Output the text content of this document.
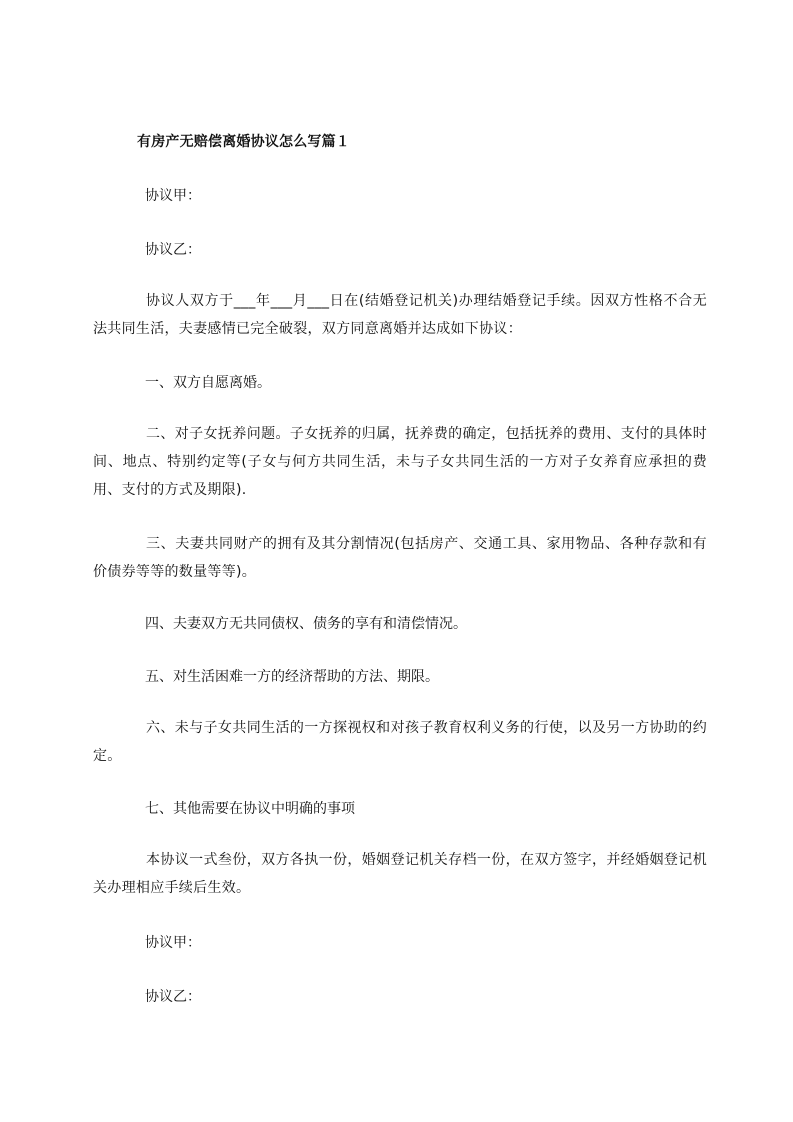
有房产无赔偿离婚协议怎么写篇１
协议甲：
协议乙：
协议人双方于___年___月___日在(结婚登记机关)办理结婚登记手续。因双方性格不合无法共同生活，夫妻感情已完全破裂，双方同意离婚并达成如下协议：
一、双方自愿离婚。
二、对子女抚养问题。子女抚养的归属，抚养费的确定，包括抚养的费用、支付的具体时间、地点、特别约定等(子女与何方共同生活，未与子女共同生活的一方对子女养育应承担的费用、支付的方式及期限).
三、夫妻共同财产的拥有及其分割情况(包括房产、交通工具、家用物品、各种存款和有价债券等等的数量等等)。
四、夫妻双方无共同债权、债务的享有和清偿情况。
五、对生活困难一方的经济帮助的方法、期限。
六、未与子女共同生活的一方探视权和对孩子教育权利义务的行使，以及另一方协助的约定。
七、其他需要在协议中明确的事项
本协议一式叁份，双方各执一份，婚姻登记机关存档一份，在双方签字，并经婚姻登记机关办理相应手续后生效。
协议甲：
协议乙：
